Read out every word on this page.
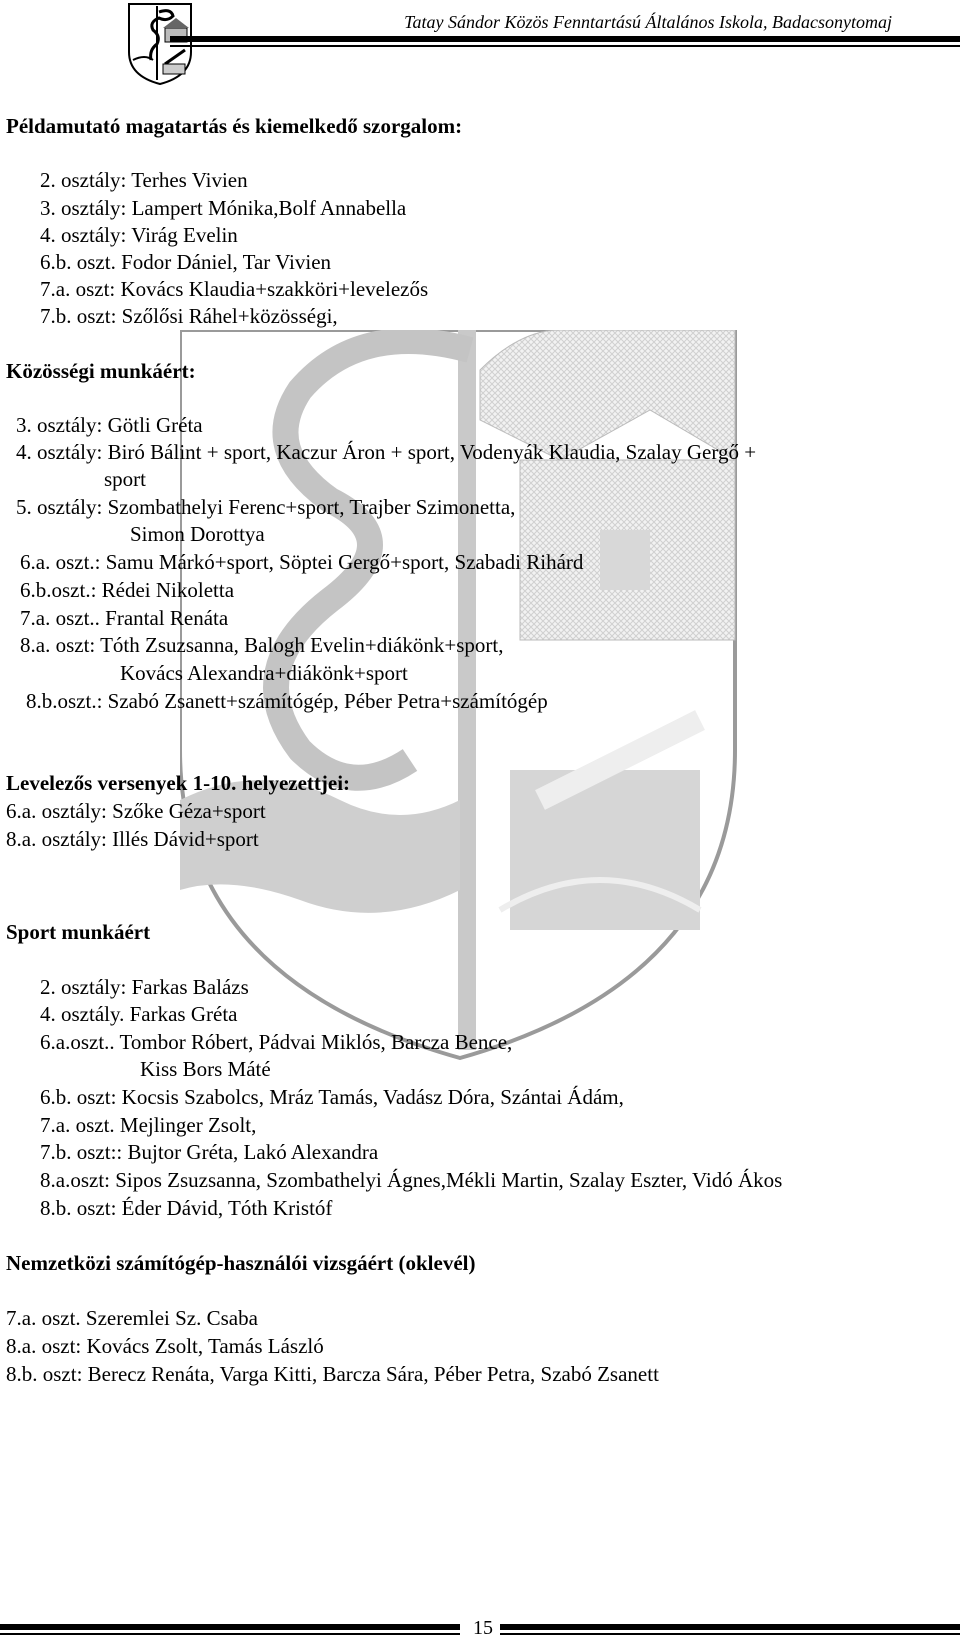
Tatay Sándor Közös Fenntartású Általános Iskola, Badacsonytomaj
Példamutató magatartás és kiemelkedő szorgalom:
2. osztály: Terhes Vivien
3. osztály: Lampert Mónika,Bolf Annabella
4. osztály: Virág Evelin
6.b. oszt. Fodor Dániel, Tar Vivien
7.a. oszt: Kovács Klaudia+szakköri+levelezős
7.b. oszt: Szőlősi Ráhel+közösségi,
Közösségi munkáért:
3. osztály: Götli Gréta
4. osztály: Biró Bálint + sport, Kaczur Áron + sport, Vodenyák Klaudia, Szalay Gergő +
sport
5. osztály: Szombathelyi Ferenc+sport, Trajber Szimonetta,
Simon Dorottya
6.a. oszt.: Samu Márkó+sport, Söptei Gergő+sport, Szabadi Rihárd
6.b.oszt.: Rédei Nikoletta
7.a. oszt.. Frantal Renáta
8.a. oszt: Tóth Zsuzsanna, Balogh Evelin+diákönk+sport,
Kovács Alexandra+diákönk+sport
8.b.oszt.: Szabó Zsanett+számítógép, Péber Petra+számítógép
Levelezős versenyek 1-10. helyezettjei:
6.a. osztály: Szőke Géza+sport
8.a. osztály: Illés Dávid+sport
Sport munkáért
2. osztály: Farkas Balázs
4. osztály. Farkas Gréta
6.a.oszt.. Tombor Róbert, Pádvai Miklós, Barcza Bence,
Kiss Bors Máté
6.b. oszt: Kocsis Szabolcs, Mráz Tamás, Vadász Dóra, Szántai Ádám,
7.a. oszt. Mejlinger Zsolt,
7.b. oszt:: Bujtor Gréta, Lakó Alexandra
8.a.oszt: Sipos Zsuzsanna, Szombathelyi Ágnes,Mékli Martin, Szalay Eszter, Vidó Ákos
8.b. oszt: Éder Dávid, Tóth Kristóf
Nemzetközi számítógép-használói vizsgáért (oklevél)
7.a. oszt. Szeremlei Sz. Csaba
8.a. oszt: Kovács Zsolt, Tamás László
8.b. oszt: Berecz Renáta, Varga Kitti, Barcza Sára, Péber Petra, Szabó Zsanett
15
